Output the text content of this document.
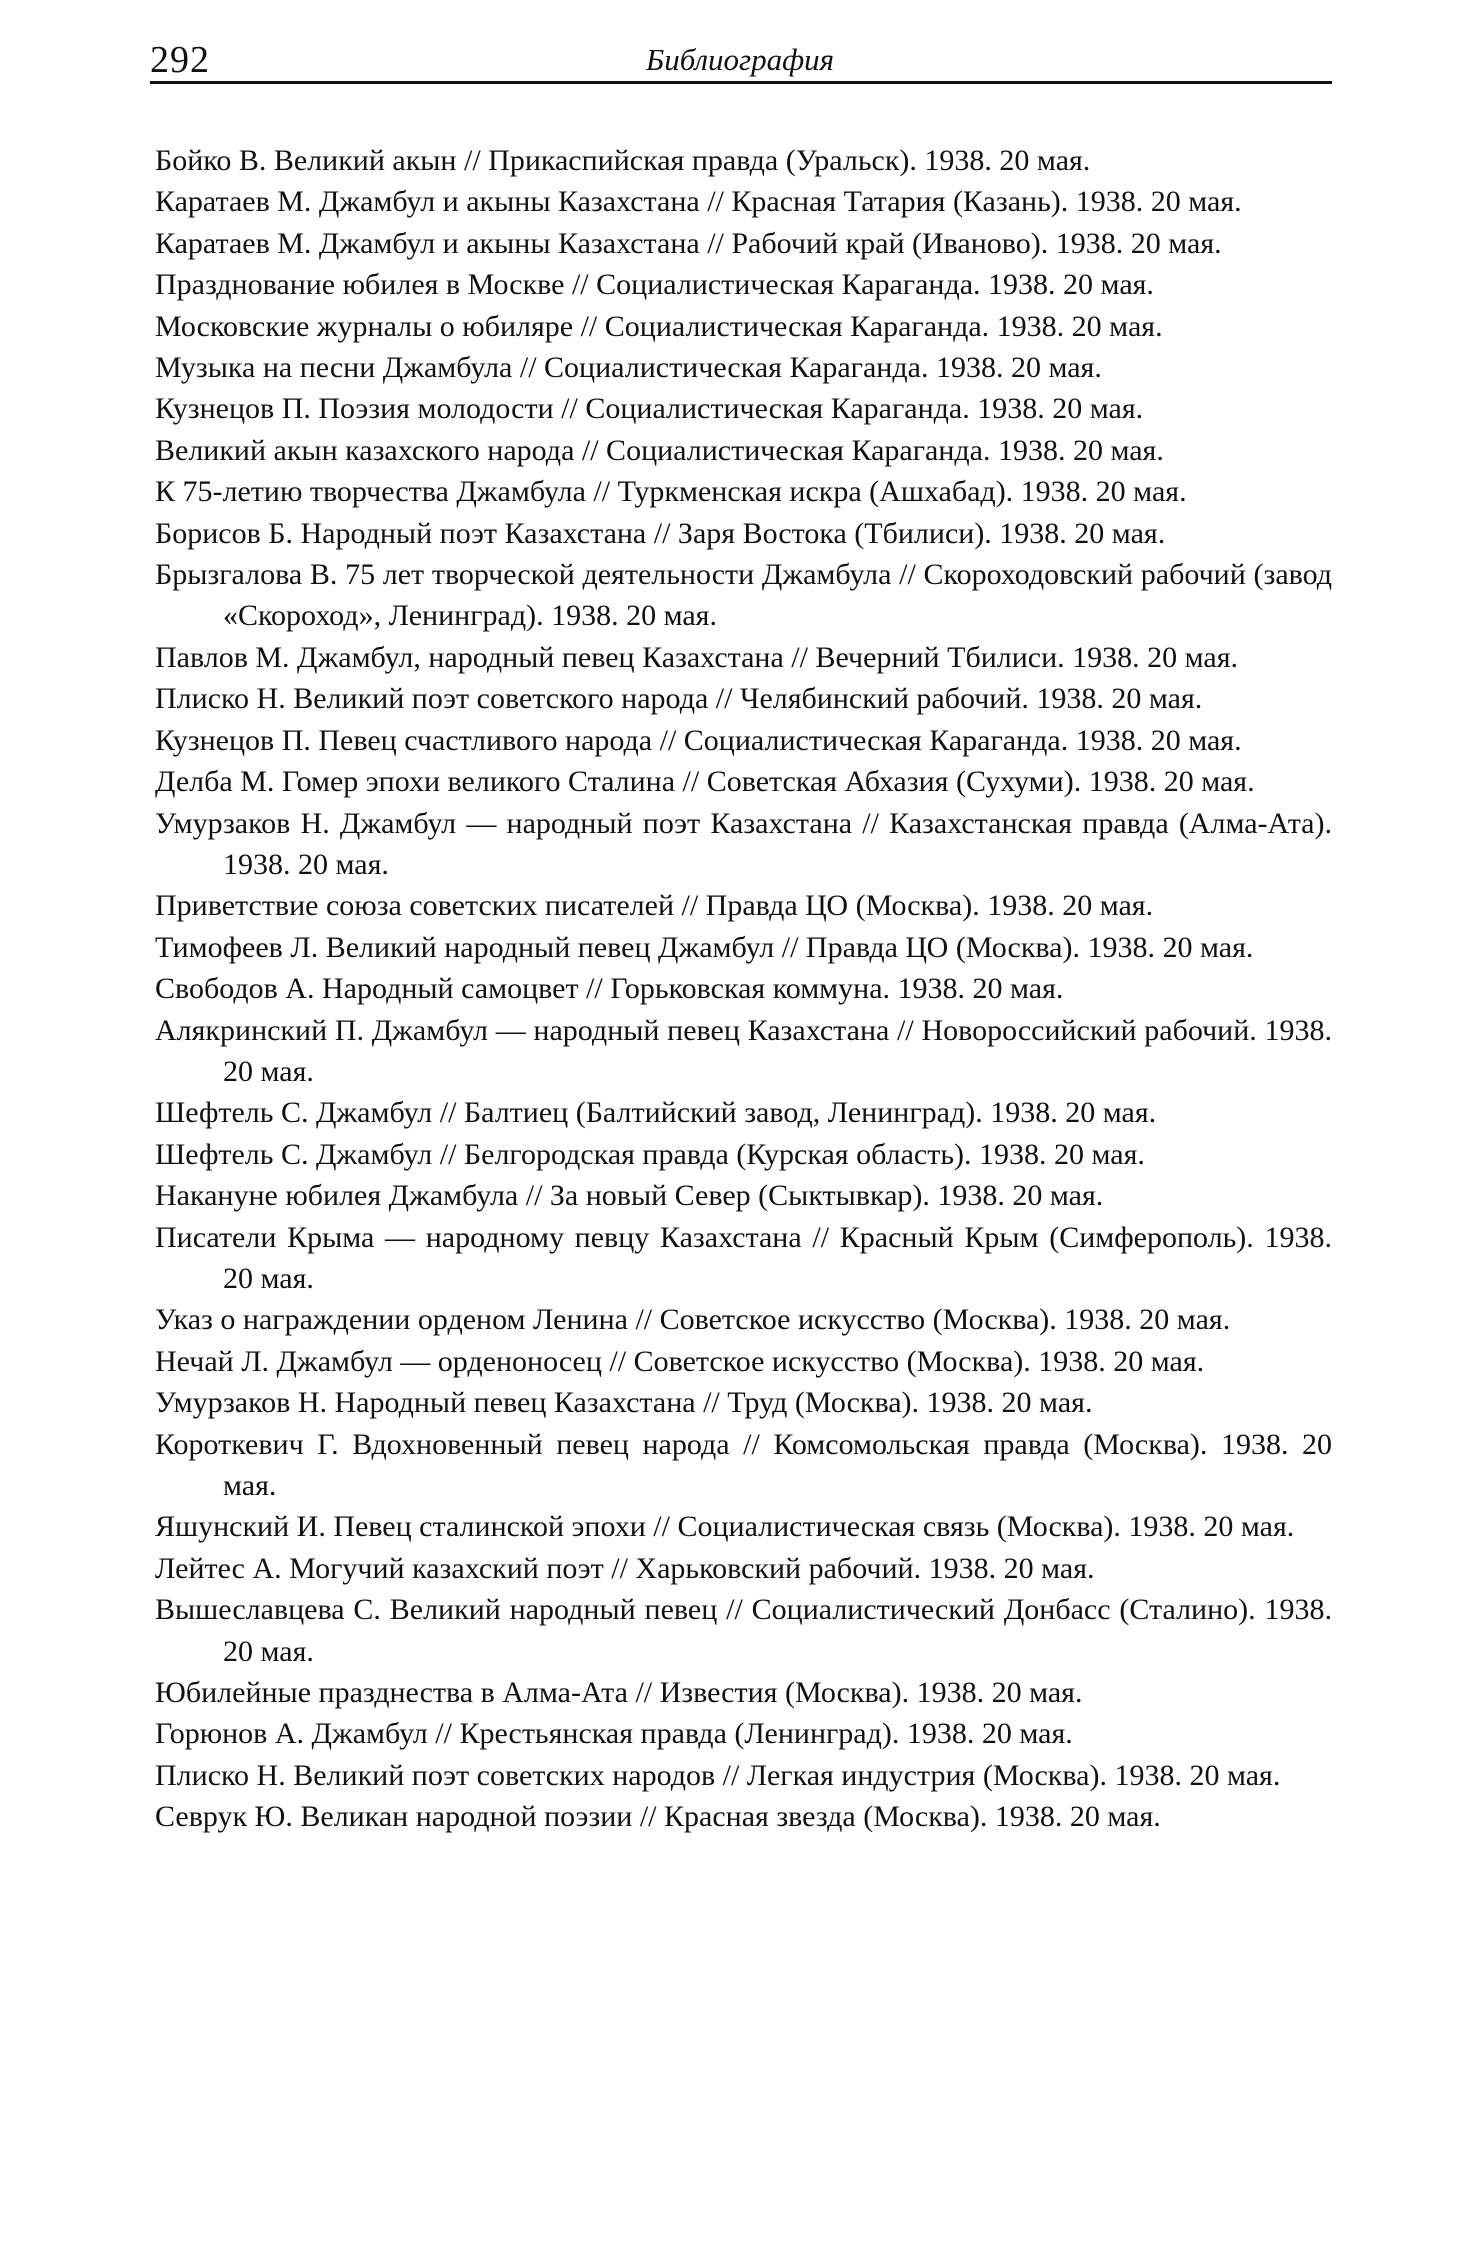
292	Библиография
Бойко В. Великий акын // Прикаспийская правда (Уральск). 1938. 20 мая.
Каратаев М. Джамбул и акыны Казахстана // Красная Татария (Казань). 1938. 20 мая.
Каратаев М. Джамбул и акыны Казахстана // Рабочий край (Иваново). 1938. 20 мая.
Празднование юбилея в Москве // Социалистическая Караганда. 1938. 20 мая.
Московские журналы о юбиляре // Социалистическая Караганда. 1938. 20 мая.
Музыка на песни Джамбула // Социалистическая Караганда. 1938. 20 мая.
Кузнецов П. Поэзия молодости // Социалистическая Караганда. 1938. 20 мая.
Великий акын казахского народа // Социалистическая Караганда. 1938. 20 мая.
К 75-летию творчества Джамбула // Туркменская искра (Ашхабад). 1938. 20 мая.
Борисов Б. Народный поэт Казахстана // Заря Востока (Тбилиси). 1938. 20 мая.
Брызгалова В. 75 лет творческой деятельности Джамбула // Скороходовский рабочий (завод «Скороход», Ленинград). 1938. 20 мая.
Павлов М. Джамбул, народный певец Казахстана // Вечерний Тбилиси. 1938. 20 мая.
Плиско Н. Великий поэт советского народа // Челябинский рабочий. 1938. 20 мая.
Кузнецов П. Певец счастливого народа // Социалистическая Караганда. 1938. 20 мая.
Делба М. Гомер эпохи великого Сталина // Советская Абхазия (Сухуми). 1938. 20 мая.
Умурзаков Н. Джамбул — народный поэт Казахстана // Казахстанская правда (Алма-Ата). 1938. 20 мая.
Приветствие союза советских писателей // Правда ЦО (Москва). 1938. 20 мая.
Тимофеев Л. Великий народный певец Джамбул // Правда ЦО (Москва). 1938. 20 мая.
Свободов А. Народный самоцвет // Горьковская коммуна. 1938. 20 мая.
Алякринский П. Джамбул — народный певец Казахстана // Новороссийский рабочий. 1938. 20 мая.
Шефтель С. Джамбул // Балтиец (Балтийский завод, Ленинград). 1938. 20 мая.
Шефтель С. Джамбул // Белгородская правда (Курская область). 1938. 20 мая.
Накануне юбилея Джамбула // За новый Север (Сыктывкар). 1938. 20 мая.
Писатели Крыма — народному певцу Казахстана // Красный Крым (Симферополь). 1938. 20 мая.
Указ о награждении орденом Ленина // Советское искусство (Москва). 1938. 20 мая.
Нечай Л. Джамбул — орденоносец // Советское искусство (Москва). 1938. 20 мая.
Умурзаков Н. Народный певец Казахстана // Труд (Москва). 1938. 20 мая.
Короткевич Г. Вдохновенный певец народа // Комсомольская правда (Москва). 1938. 20 мая.
Яшунский И. Певец сталинской эпохи // Социалистическая связь (Москва). 1938. 20 мая.
Лейтес А. Могучий казахский поэт // Харьковский рабочий. 1938. 20 мая.
Вышеславцева С. Великий народный певец // Социалистический Донбасс (Сталино). 1938. 20 мая.
Юбилейные празднества в Алма-Ата // Известия (Москва). 1938. 20 мая.
Горюнов А. Джамбул // Крестьянская правда (Ленинград). 1938. 20 мая.
Плиско Н. Великий поэт советских народов // Легкая индустрия (Москва). 1938. 20 мая.
Севрук Ю. Великан народной поэзии // Красная звезда (Москва). 1938. 20 мая.
